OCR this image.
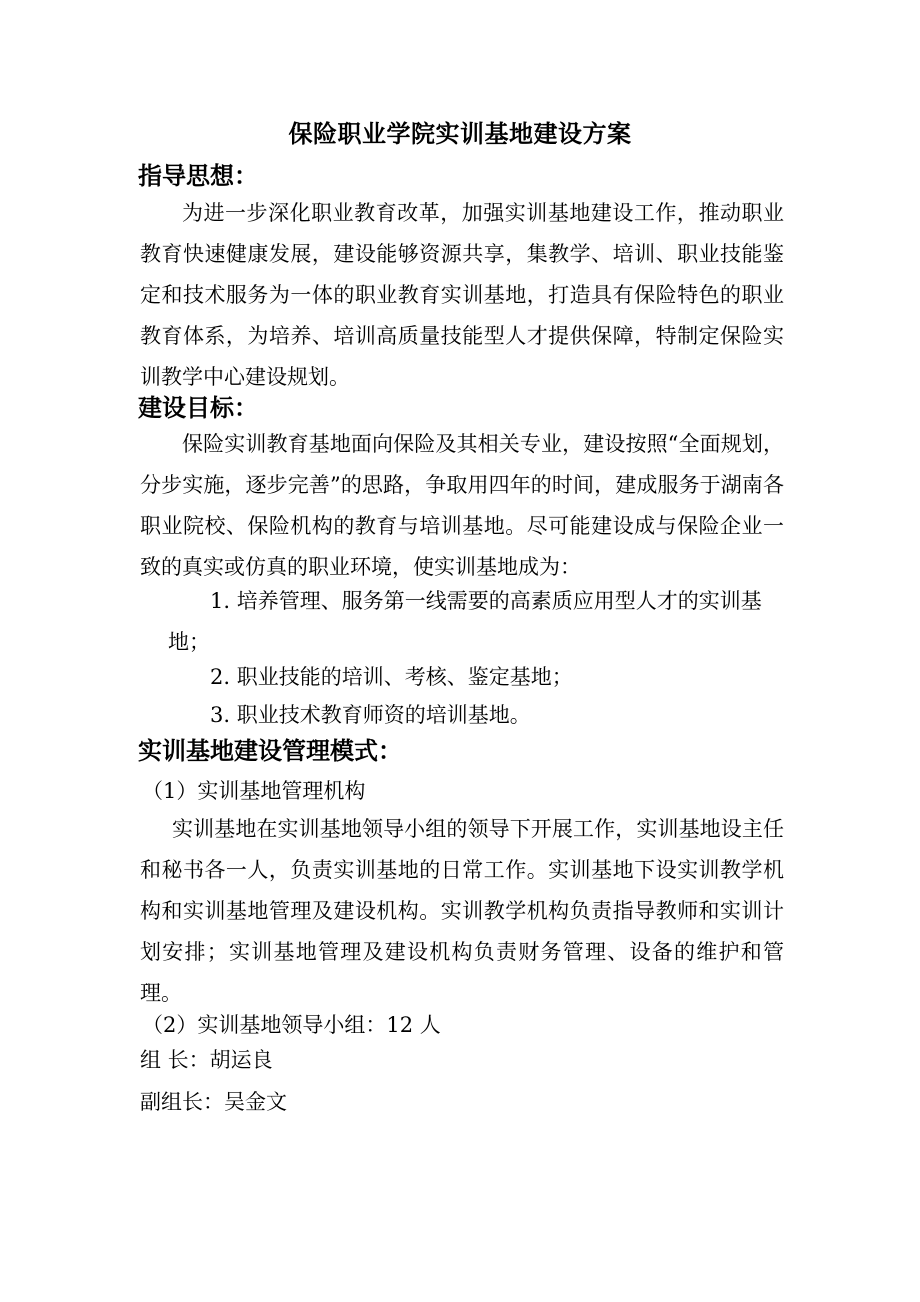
保险职业学院实训基地建设方案
指导思想：

为进一步深化职业教育改革，加强实训基地建设工作，推动职业教育快速健康发展，建设能够资源共享，集教学、培训、职业技能鉴定和技术服务为一体的职业教育实训基地，打造具有保险特色的职业教育体系，为培养、培训高质量技能型人才提供保障，特制定保险实训教学中心建设规划。

建设目标：

保险实训教育基地面向保险及其相关专业，建设按照“全面规划，分步实施，逐步完善”的思路，争取用四年的时间，建成服务于湖南各职业院校、保险机构的教育与培训基地。尽可能建设成与保险企业一致的真实或仿真的职业环境，使实训基地成为：

1. 培养管理、服务第一线需要的高素质应用型人才的实训基地；

2. 职业技能的培训、考核、鉴定基地；

3. 职业技术教育师资的培训基地。

实训基地建设管理模式：
（1）实训基地管理机构

实训基地在实训基地领导小组的领导下开展工作，实训基地设主任和秘书各一人，负责实训基地的日常工作。实训基地下设实训教学机构和实训基地管理及建设机构。实训教学机构负责指导教师和实训计划安排；实训基地管理及建设机构负责财务管理、设备的维护和管理。

（2）实训基地领导小组：12 人
组 长：胡运良
副组长：吴金文
